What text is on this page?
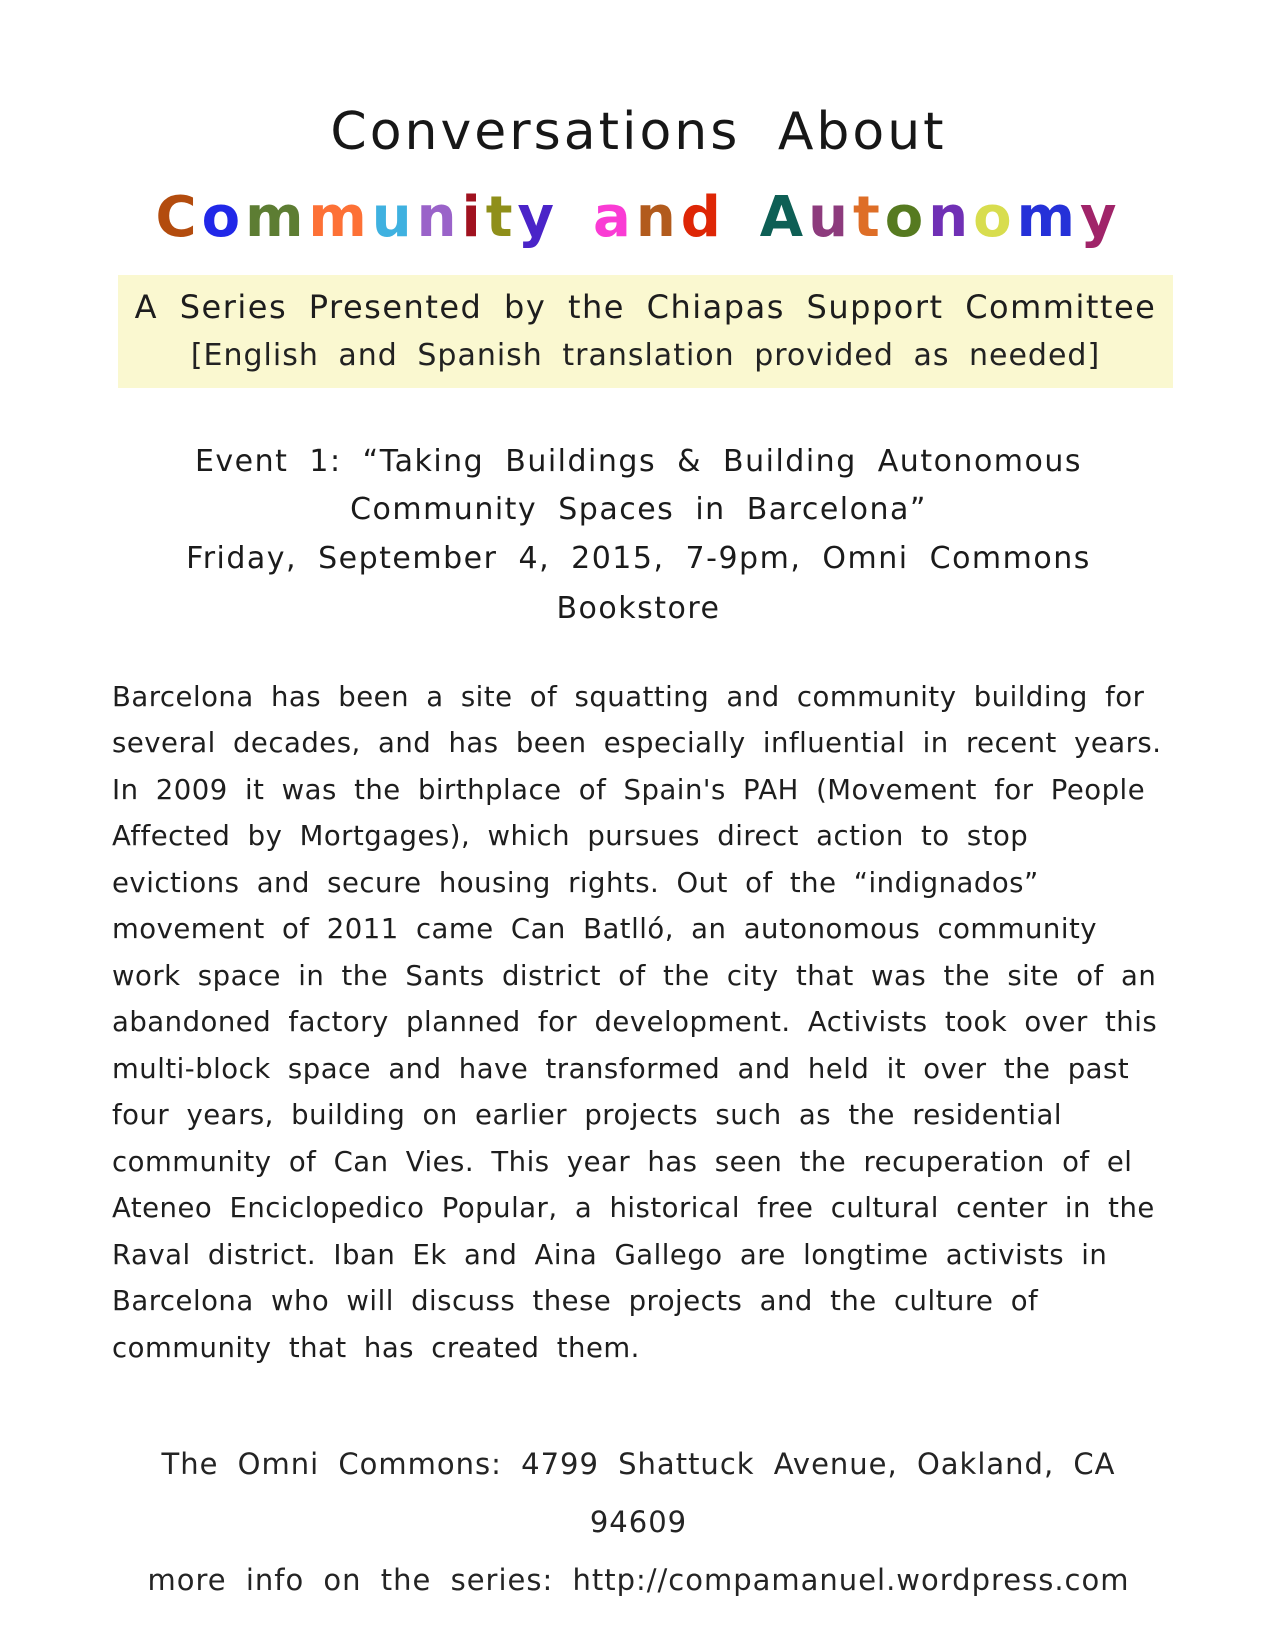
Conversations About
Community and Autonomy
A Series Presented by the Chiapas Support Committee
[English and Spanish translation provided as needed]
Event 1: “Taking Buildings & Building Autonomous
Community Spaces in Barcelona”
Friday, September 4, 2015, 7-9pm, Omni Commons Bookstore
Barcelona has been a site of squatting and community building for several decades, and has been especially influential in recent years. In 2009 it was the birthplace of Spain's PAH (Movement for People Affected by Mortgages), which pursues direct action to stop evictions and secure housing rights. Out of the “indignados” movement of 2011 came Can Batlló, an autonomous community work space in the Sants district of the city that was the site of an abandoned factory planned for development. Activists took over this multi-block space and have transformed and held it over the past four years, building on earlier projects such as the residential community of Can Vies. This year has seen the recuperation of el Ateneo Enciclopedico Popular, a historical free cultural center in the Raval district. Iban Ek and Aina Gallego are longtime activists in Barcelona who will discuss these projects and the culture of community that has created them.
The Omni Commons: 4799 Shattuck Avenue, Oakland, CA 94609
more info on the series: http://compamanuel.wordpress.com
